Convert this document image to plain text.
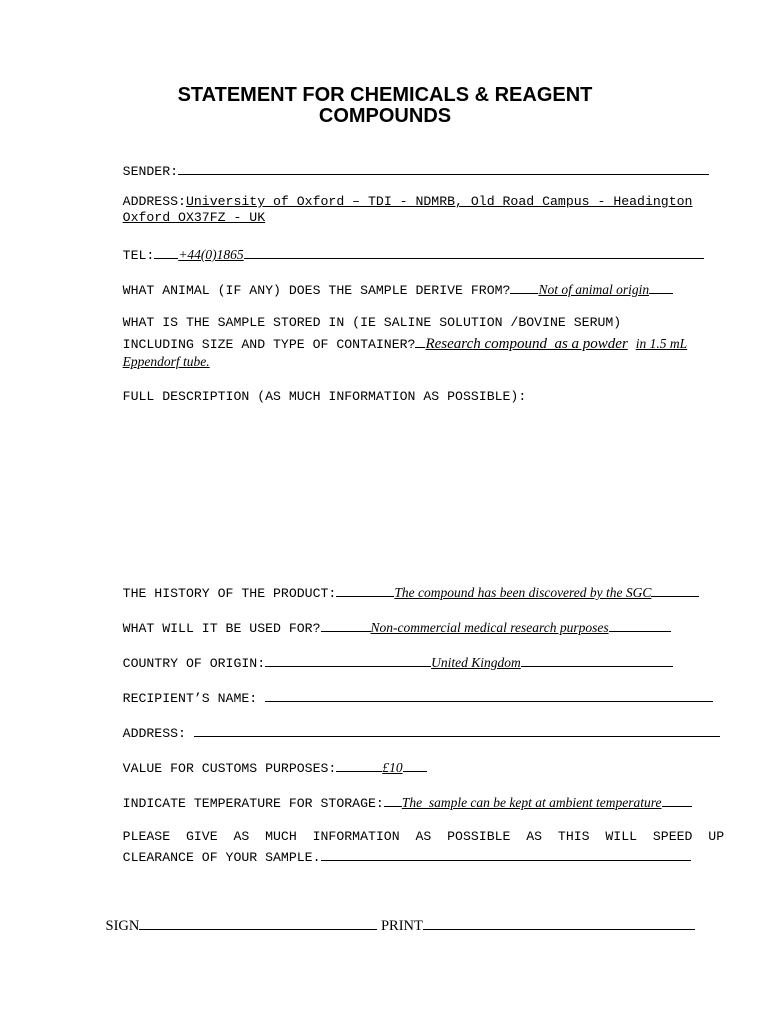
STATEMENT FOR CHEMICALS & REAGENT
COMPOUNDS

SENDER:

ADDRESS:University of Oxford – TDI - NDMRB, Old Road Campus - Headington

Oxford OX37FZ - UK

TEL: +44(0)1865

WHAT ANIMAL (IF ANY) DOES THE SAMPLE DERIVE FROM? Not of animal origin

WHAT IS THE SAMPLE STORED IN (IE SALINE SOLUTION /BOVINE SERUM)

INCLUDING SIZE AND TYPE OF CONTAINER? Research compound  as a powder in 1.5 mL

Eppendorf tube.

FULL DESCRIPTION (AS MUCH INFORMATION AS POSSIBLE):

THE HISTORY OF THE PRODUCT:	The compound has been discovered by the SGC

WHAT WILL IT BE USED FOR?	Non-commercial medical research purposes

COUNTRY OF ORIGIN:	United Kingdom

RECIPIENT’S NAME:

ADDRESS:

VALUE FOR CUSTOMS PURPOSES:	£10

INDICATE TEMPERATURE FOR STORAGE: The  sample can be kept at ambient temperature

PLEASE  GIVE  AS  MUCH  INFORMATION  AS  POSSIBLE  AS  THIS  WILL  SPEED  UP

CLEARANCE OF YOUR SAMPLE.

SIGN	PRINT
